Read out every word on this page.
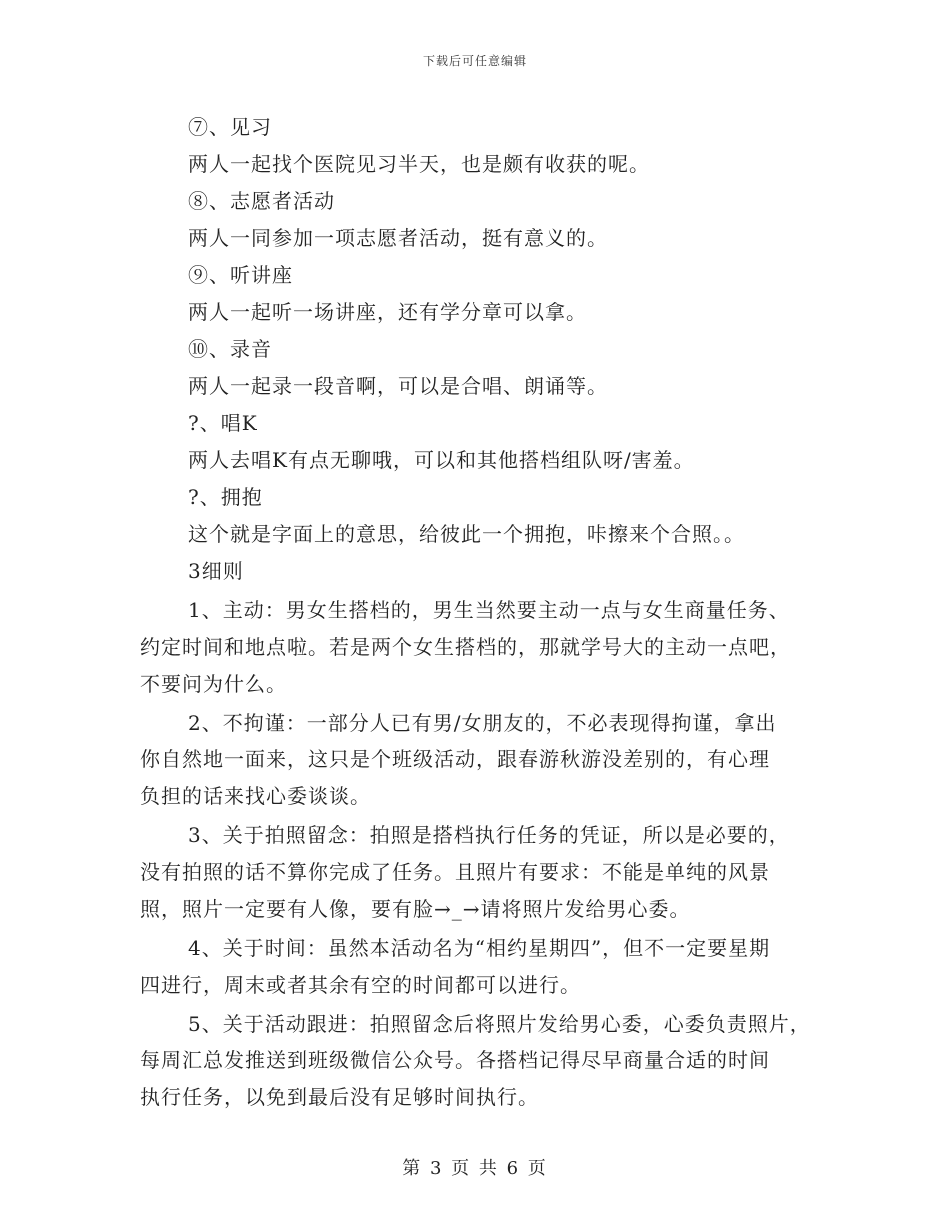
下载后可任意编辑
⑦、见习
两人一起找个医院见习半天，也是颇有收获的呢。
⑧、志愿者活动
两人一同参加一项志愿者活动，挺有意义的。
⑨、听讲座
两人一起听一场讲座，还有学分章可以拿。
⑩、录音
两人一起录一段音啊，可以是合唱、朗诵等。
?、唱K
两人去唱K有点无聊哦，可以和其他搭档组队呀/害羞。
?、拥抱
这个就是字面上的意思，给彼此一个拥抱，咔擦来个合照。。
3细则
1、主动：男女生搭档的，男生当然要主动一点与女生商量任务、
约定时间和地点啦。若是两个女生搭档的，那就学号大的主动一点吧，
不要问为什么。
2、不拘谨：一部分人已有男/女朋友的，不必表现得拘谨，拿出
你自然地一面来，这只是个班级活动，跟春游秋游没差别的，有心理
负担的话来找心委谈谈。
3、关于拍照留念：拍照是搭档执行任务的凭证，所以是必要的，
没有拍照的话不算你完成了任务。且照片有要求：不能是单纯的风景
照，照片一定要有人像，要有脸→_→请将照片发给男心委。
4、关于时间：虽然本活动名为“相约星期四”，但不一定要星期
四进行，周末或者其余有空的时间都可以进行。
5、关于活动跟进：拍照留念后将照片发给男心委，心委负责照片，
每周汇总发推送到班级微信公众号。各搭档记得尽早商量合适的时间
执行任务，以免到最后没有足够时间执行。
第 3 页 共 6 页
